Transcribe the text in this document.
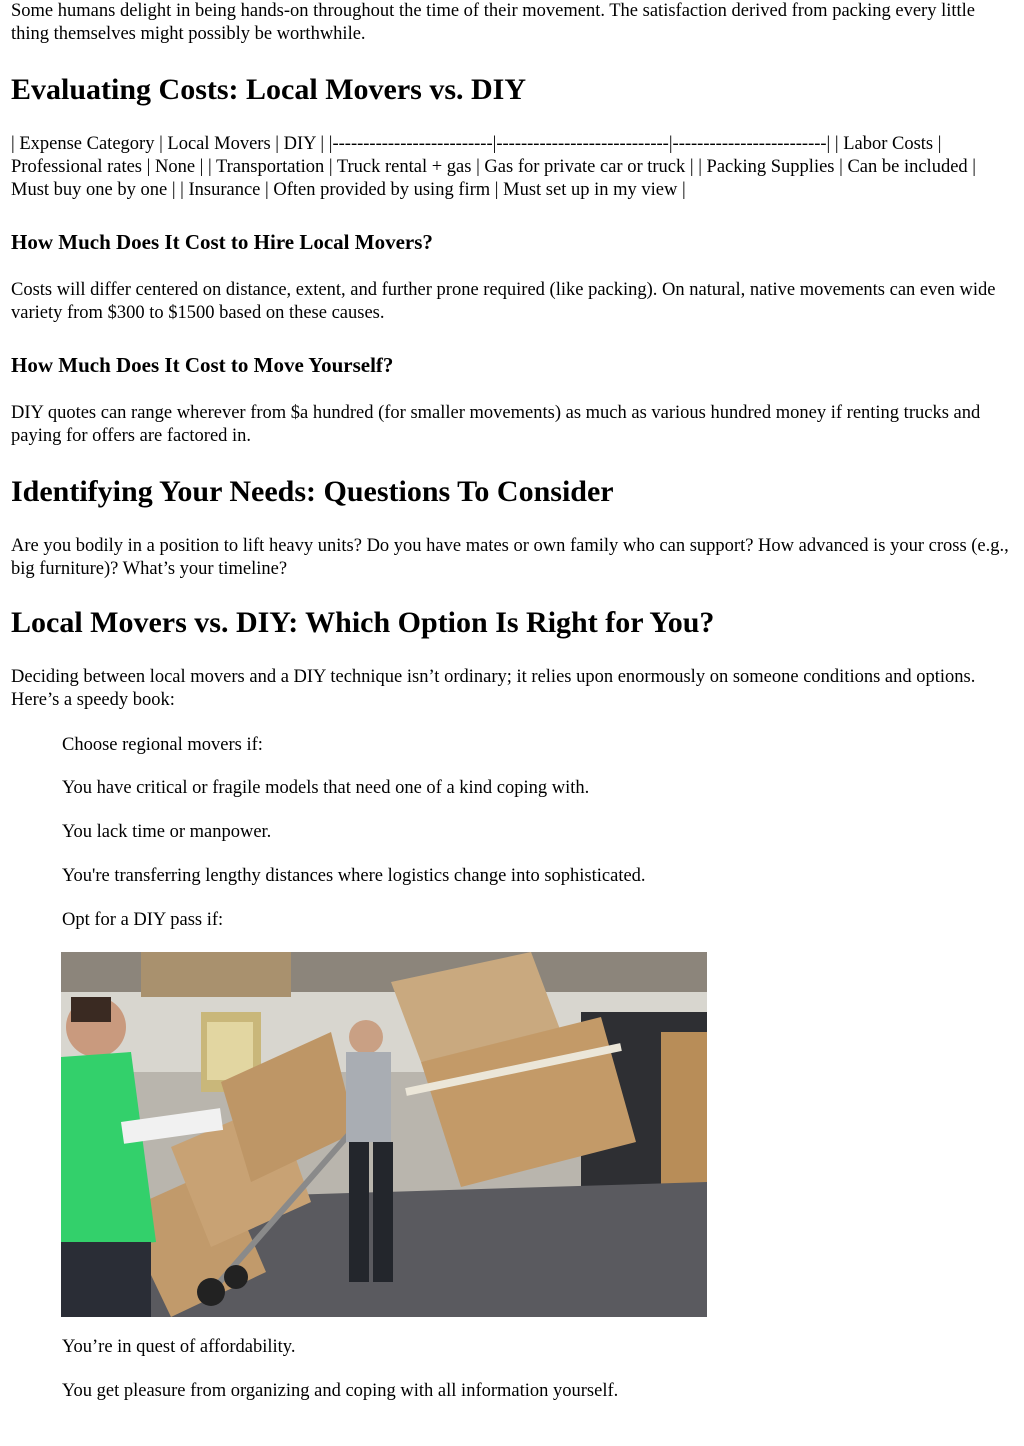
Some humans delight in being hands-on throughout the time of their movement. The satisfaction derived from packing every little thing themselves might possibly be worthwhile.

Evaluating Costs: Local Movers vs. DIY

| Expense Category | Local Movers | DIY | |--------------------------|----------------------------|-------------------------| | Labor Costs | Professional rates | None | | Transportation | Truck rental + gas | Gas for private car or truck | | Packing Supplies | Can be included | Must buy one by one | | Insurance | Often provided by using firm | Must set up in my view |

How Much Does It Cost to Hire Local Movers?

Costs will differ centered on distance, extent, and further prone required (like packing). On natural, native movements can even wide variety from $300 to $1500 based on these causes.

How Much Does It Cost to Move Yourself?

DIY quotes can range wherever from $a hundred (for smaller movements) as much as various hundred money if renting trucks and paying for offers are factored in.

Identifying Your Needs: Questions To Consider

Are you bodily in a position to lift heavy units? Do you have mates or own family who can support? How advanced is your cross (e.g., big furniture)? What’s your timeline?

Local Movers vs. DIY: Which Option Is Right for You?

Deciding between local movers and a DIY technique isn’t ordinary; it relies upon enormously on someone conditions and options. Here’s a speedy book:

Choose regional movers if:

You have critical or fragile models that need one of a kind coping with.

You lack time or manpower.

You're transferring lengthy distances where logistics change into sophisticated.

Opt for a DIY pass if:

You’re in quest of affordability.

You get pleasure from organizing and coping with all information yourself.
